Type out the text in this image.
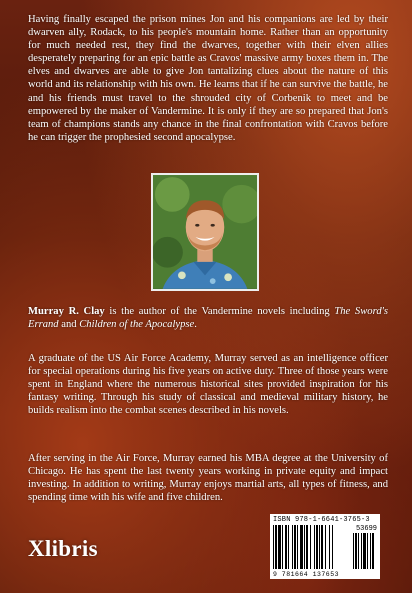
Having finally escaped the prison mines Jon and his companions are led by their dwarven ally, Rodack, to his people's mountain home. Rather than an opportunity for much needed rest, they find the dwarves, together with their elven allies desperately preparing for an epic battle as Cravos' massive army boxes them in. The elves and dwarves are able to give Jon tantalizing clues about the nature of this world and its relationship with his own. He learns that if he can survive the battle, he and his friends must travel to the shrouded city of Corbenik to meet and be empowered by the maker of Vandermine. It is only if they are so prepared that Jon's team of champions stands any chance in the final confrontation with Cravos before he can trigger the prophesied second apocalypse.
Murray R. Clay is the author of the Vandermine novels including The Sword's Errand and Children of the Apocalypse.
A graduate of the US Air Force Academy, Murray served as an intelligence officer for special operations during his five years on active duty. Three of those years were spent in England where the numerous historical sites provided inspiration for his fantasy writing. Through his study of classical and medieval military history, he builds realism into the combat scenes described in his novels.
After serving in the Air Force, Murray earned his MBA degree at the University of Chicago. He has spent the last twenty years working in private equity and impact investing. In addition to writing, Murray enjoys martial arts, all types of fitness, and spending time with his wife and five children.
Xlibris
ISBN 978-1-6641-3765-3
53699
9 781664 137653
